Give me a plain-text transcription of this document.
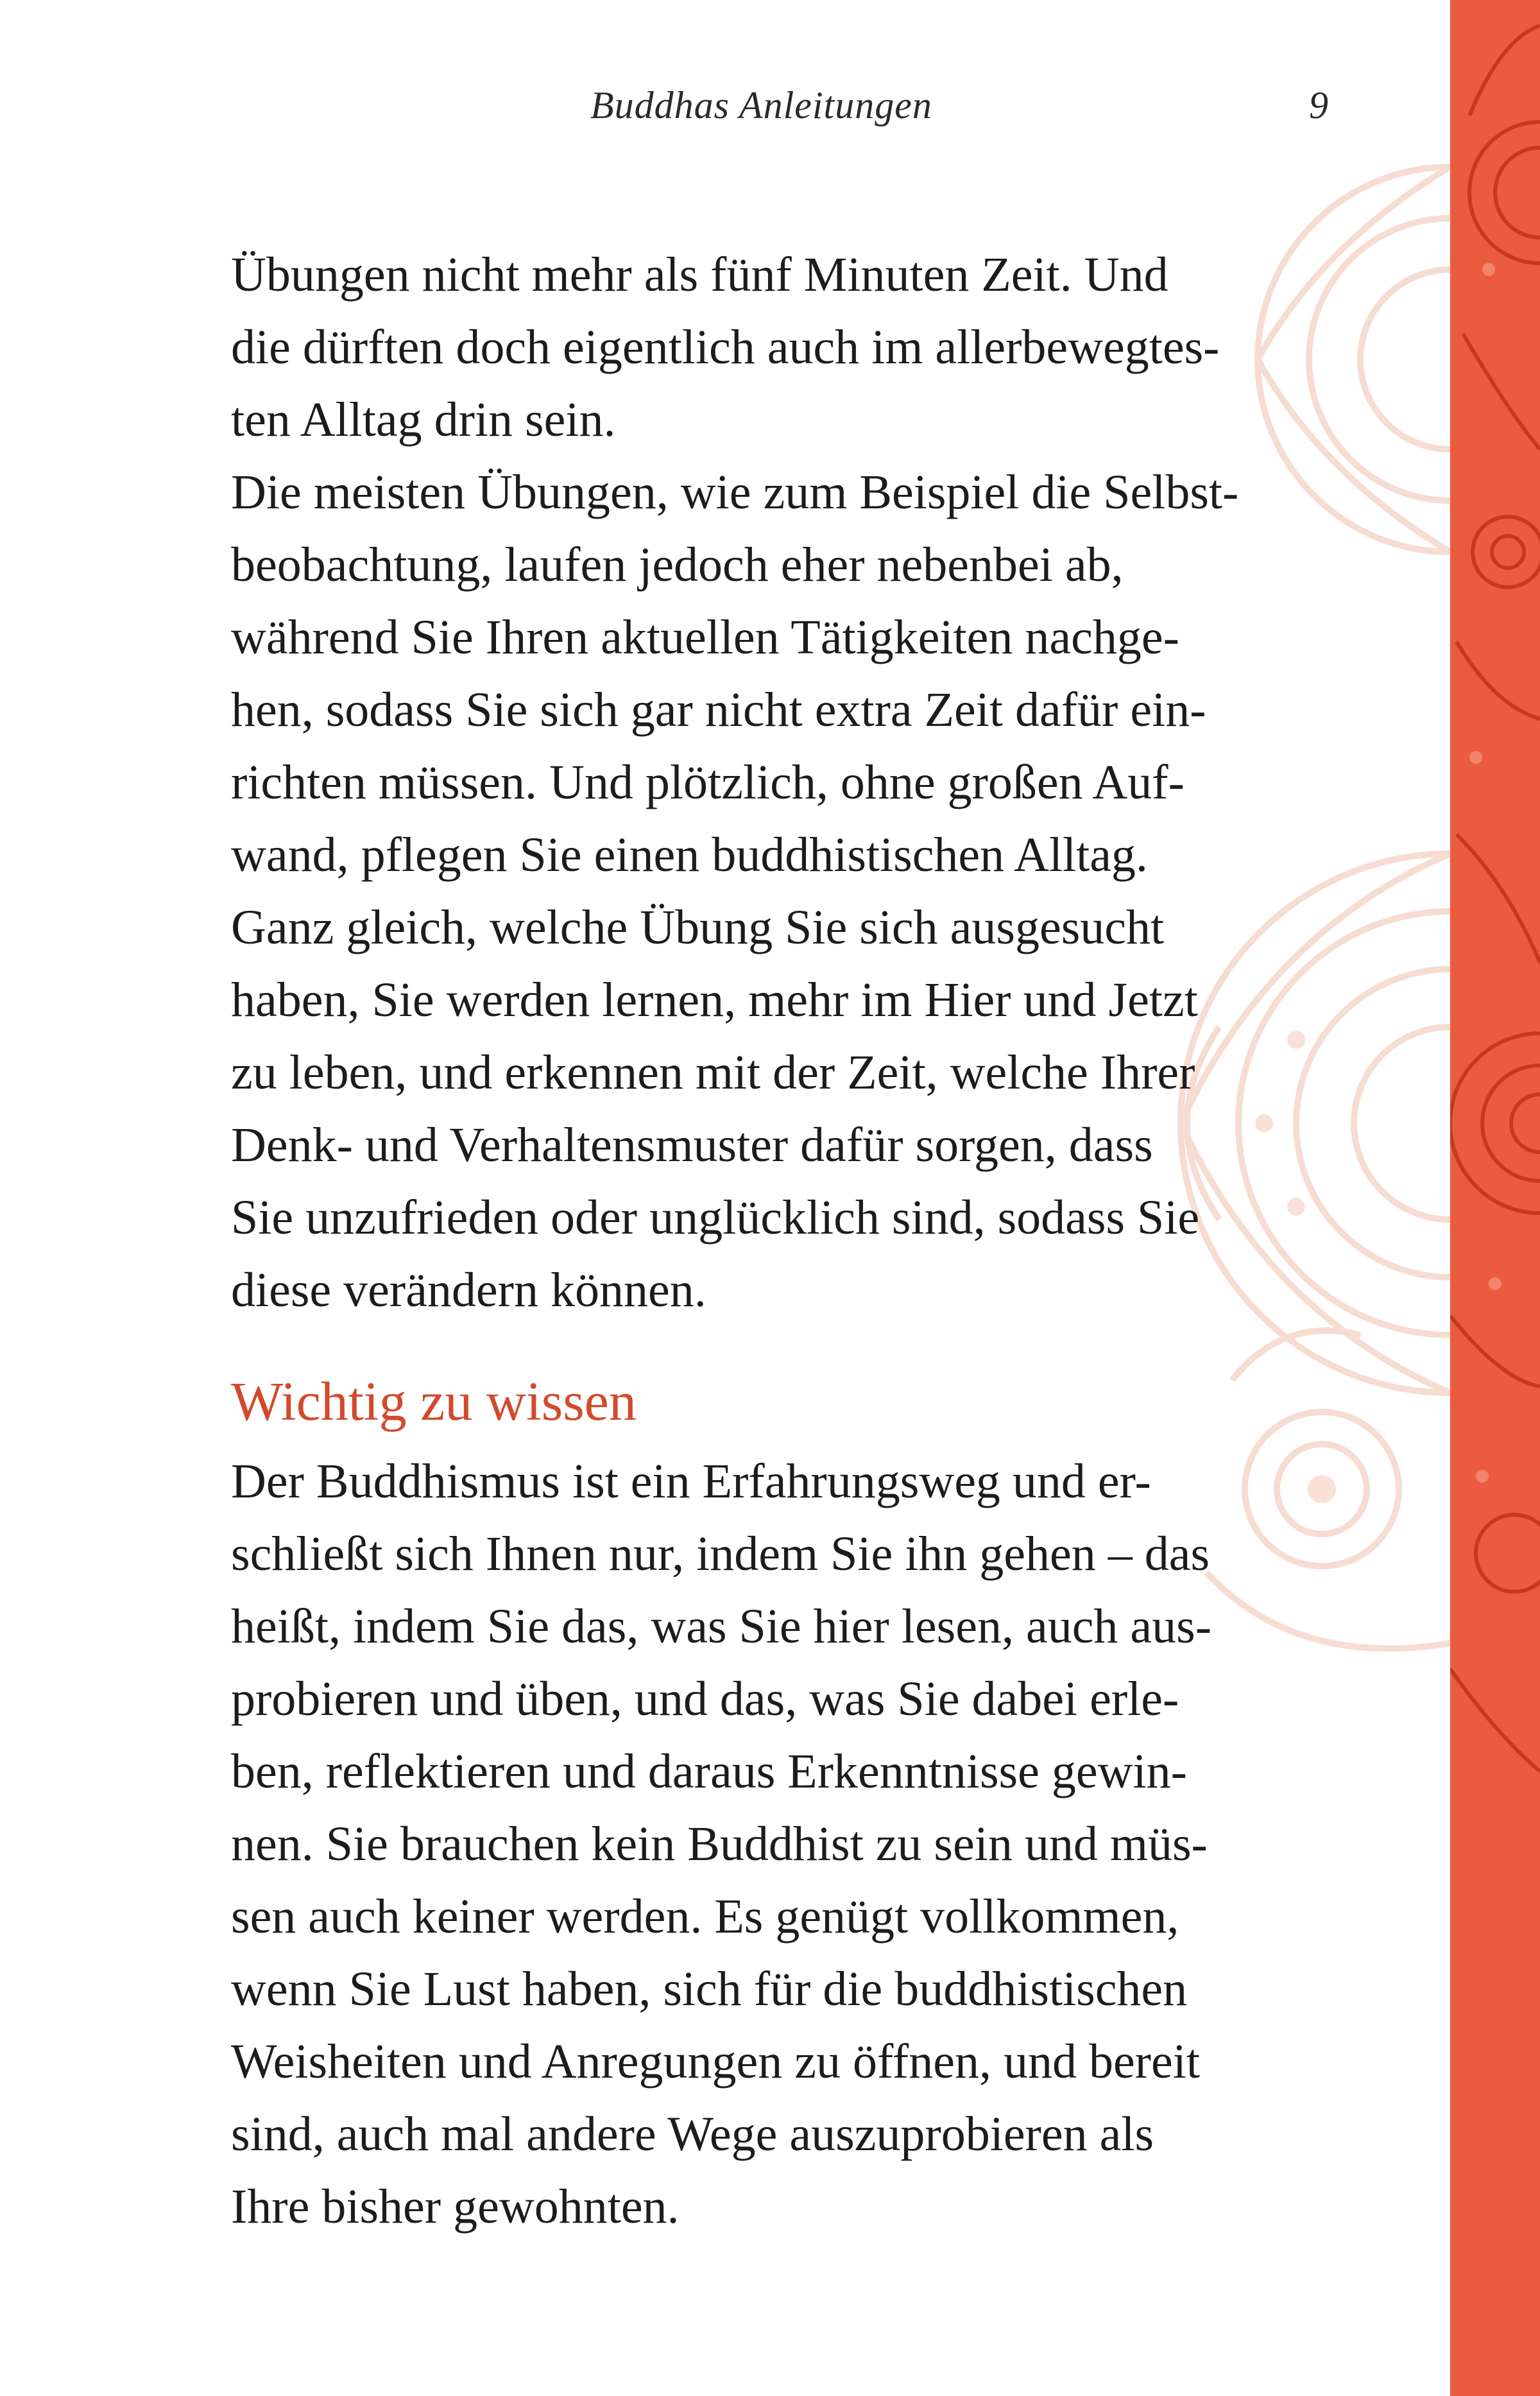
Buddhas Anleitungen	9
Übungen nicht mehr als fünf Minuten Zeit. Und
die dürften doch eigentlich auch im allerbewegtes-
ten Alltag drin sein.
Die meisten Übungen, wie zum Beispiel die Selbst-
beobachtung, laufen jedoch eher nebenbei ab,
während Sie Ihren aktuellen Tätigkeiten nachge-
hen, sodass Sie sich gar nicht extra Zeit dafür ein-
richten müssen. Und plötzlich, ohne großen Auf-
wand, pflegen Sie einen buddhistischen Alltag.
Ganz gleich, welche Übung Sie sich ausgesucht
haben, Sie werden lernen, mehr im Hier und Jetzt
zu leben, und erkennen mit der Zeit, welche Ihrer
Denk- und Verhaltensmuster dafür sorgen, dass
Sie unzufrieden oder unglücklich sind, sodass Sie
diese verändern können.
Wichtig zu wissen
Der Buddhismus ist ein Erfahrungsweg und er-
schließt sich Ihnen nur, indem Sie ihn gehen – das
heißt, indem Sie das, was Sie hier lesen, auch aus-
probieren und üben, und das, was Sie dabei erle-
ben, reflektieren und daraus Erkenntnisse gewin-
nen. Sie brauchen kein Buddhist zu sein und müs-
sen auch keiner werden. Es genügt vollkommen,
wenn Sie Lust haben, sich für die buddhistischen
Weisheiten und Anregungen zu öffnen, und bereit
sind, auch mal andere Wege auszuprobieren als
Ihre bisher gewohnten.
